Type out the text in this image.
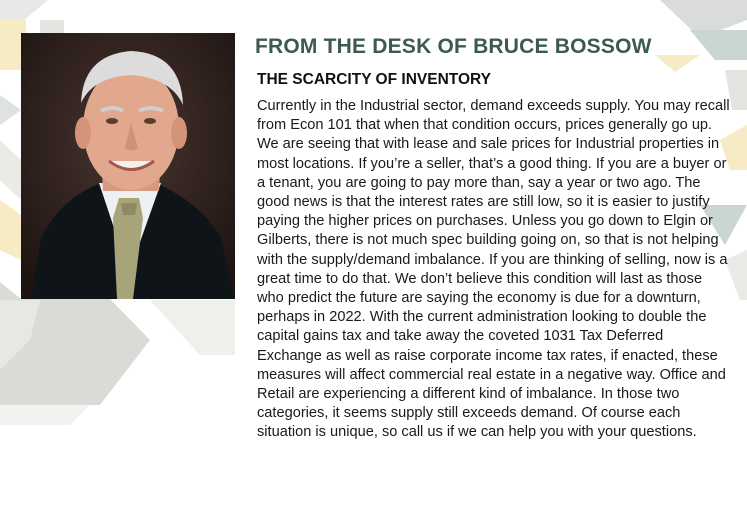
FROM THE DESK OF BRUCE BOSSOW
THE SCARCITY OF INVENTORY

Currently in the Industrial sector, demand exceeds supply. You may recall from Econ 101 that when that condition occurs, prices generally go up. We are seeing that with lease and sale prices for Industrial properties in most locations. If you’re a seller, that’s a good thing. If you are a buyer or a tenant, you are going to pay more than, say a year or two ago. The good news is that the interest rates are still low, so it is easier to justify paying the higher prices on purchases. Unless you go down to Elgin or Gilberts, there is not much spec building going on, so that is not helping with the supply/demand imbalance. If you are thinking of selling, now is a great time to do that. We don’t believe this condition will last as those who predict the future are saying the economy is due for a downturn, perhaps in 2022. With the current administration looking to double the capital gains tax and take away the coveted 1031 Tax Deferred Exchange as well as raise corporate income tax rates, if enacted, these measures will affect commercial real estate in a negative way. Office and Retail are experiencing a different kind of imbalance. In those two categories, it seems supply still exceeds demand. Of course each situation is unique, so call us if we can help you with your questions.
